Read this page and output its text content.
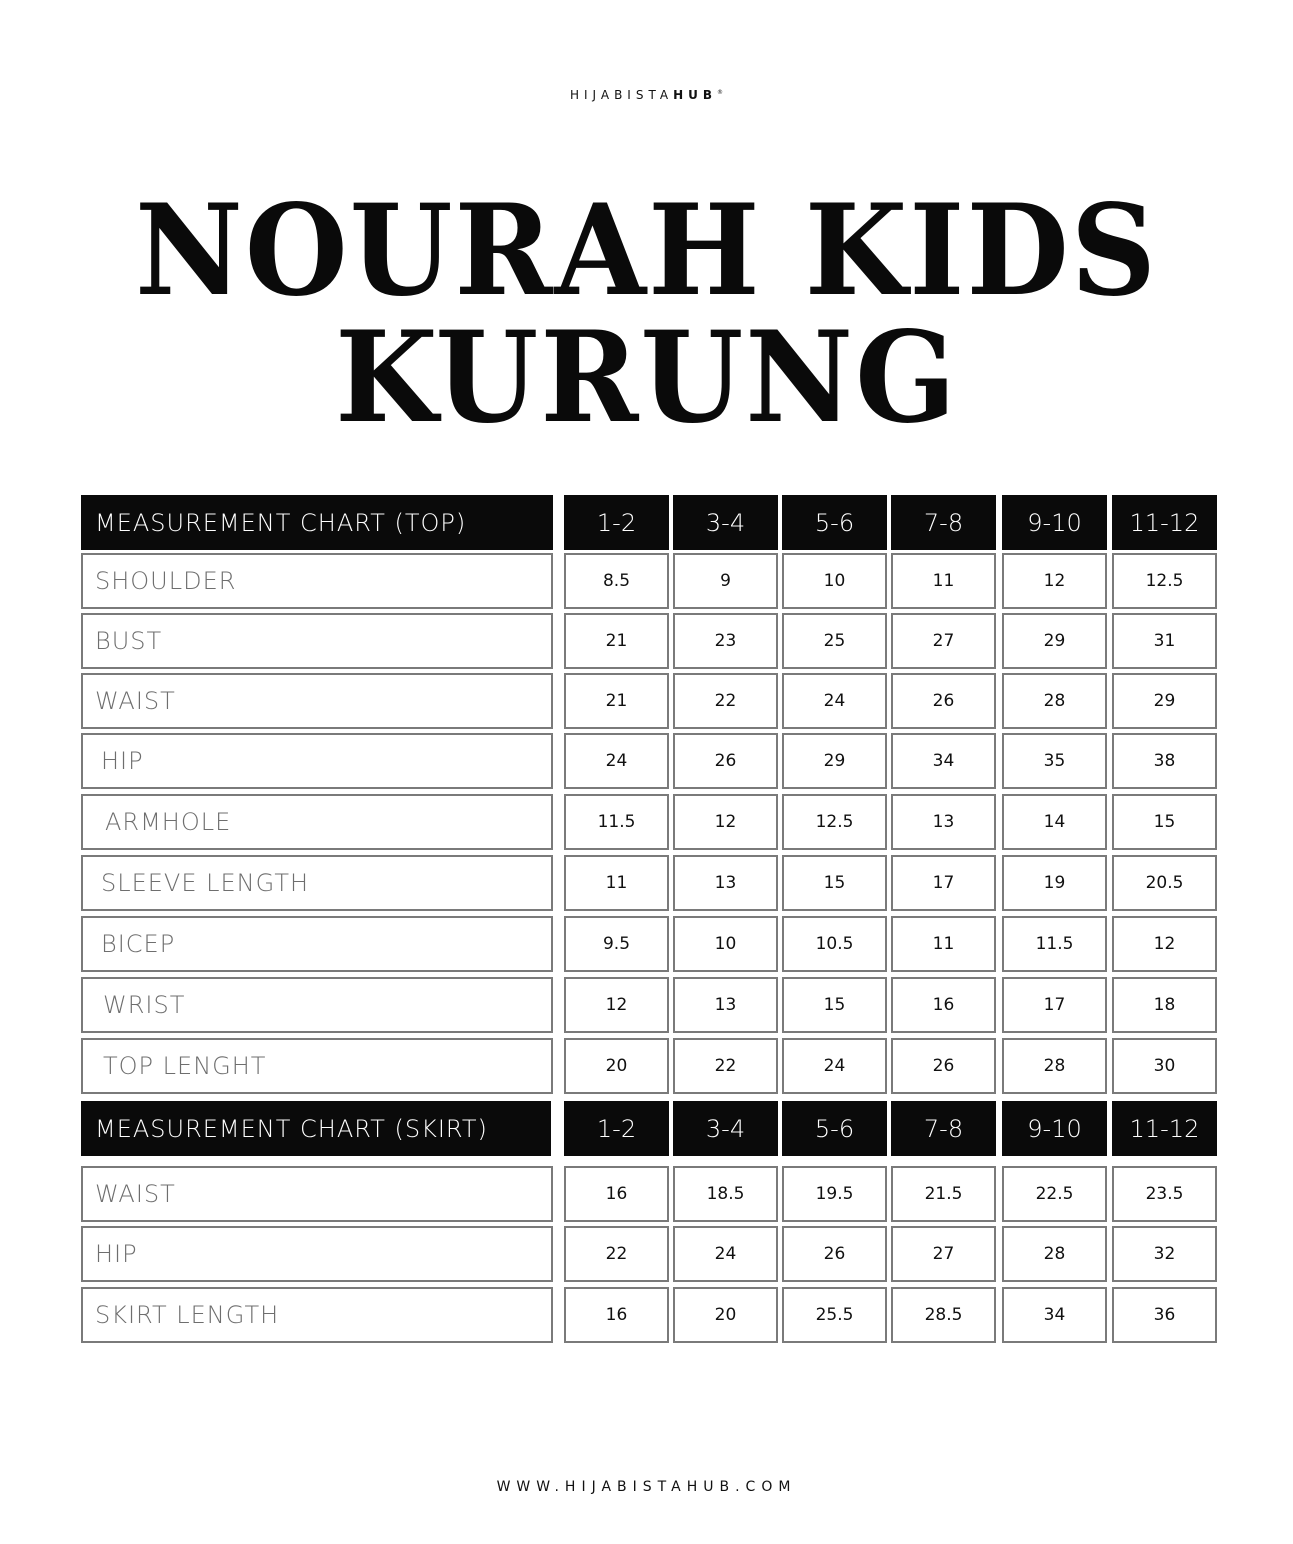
HIJABISTAHUB®
NOURAH KIDS
KURUNG
MEASUREMENT CHART (TOP)	1-2	3-4	5-6	7-8	9-10	11-12
SHOULDER	8.5	9	10	11	12	12.5
BUST	21	23	25	27	29	31
WAIST	21	22	24	26	28	29
HIP	24	26	29	34	35	38
ARMHOLE	11.5	12	12.5	13	14	15
SLEEVE LENGTH	11	13	15	17	19	20.5
BICEP	9.5	10	10.5	11	11.5	12
WRIST	12	13	15	16	17	18
TOP LENGHT	20	22	24	26	28	30
MEASUREMENT CHART (SKIRT)	1-2	3-4	5-6	7-8	9-10	11-12
WAIST	16	18.5	19.5	21.5	22.5	23.5
HIP	22	24	26	27	28	32
SKIRT LENGTH	16	20	25.5	28.5	34	36
WWW.HIJABISTAHUB.COM
